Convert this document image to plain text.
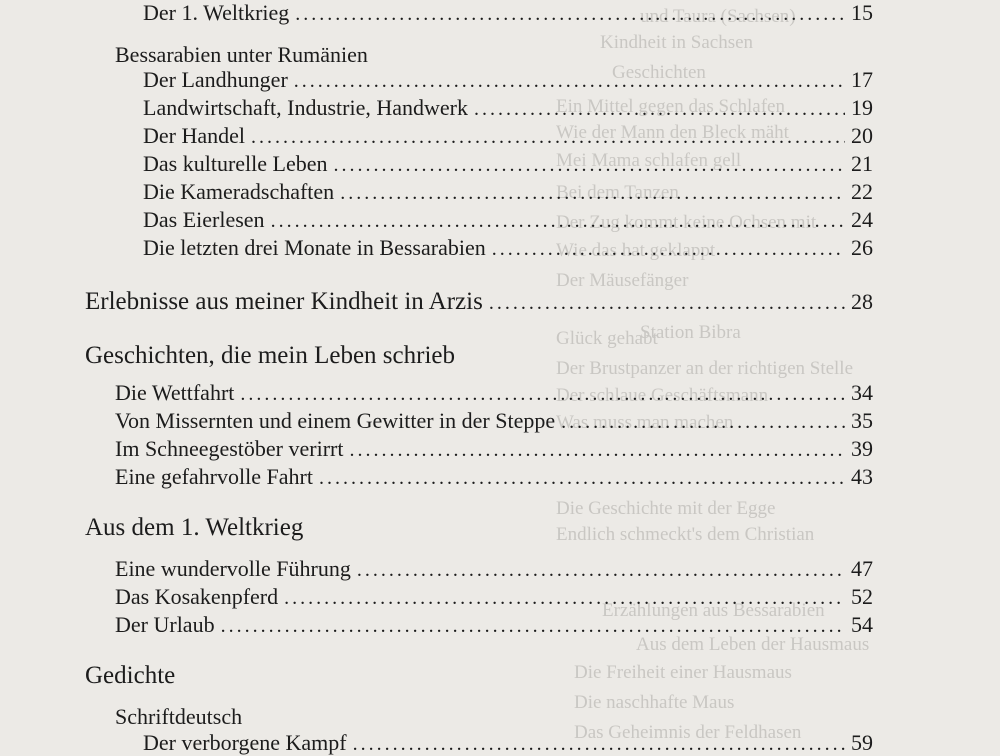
und Taura (Sachsen)
Kindheit in Sachsen
Geschichten
Ein Mittel gegen das Schlafen
Wie der Mann den Bleck mäht
Mei Mama schlafen gell
Bei dem Tanzen
Der Zug kommt keine Ochsen mit
Wie das hat geklappt
Der Mäusefänger
Station Bibra
Glück gehabt
Der Brustpanzer an der richtigen Stelle
Der schlaue Geschäftsmann
Was muss man machen
Die Geschichte mit der Egge
Endlich schmeckt's dem Christian
Erzählungen aus Bessarabien
Aus dem Leben der Hausmaus
Die Freiheit einer Hausmaus
Die naschhafte Maus
Das Geheimnis der Feldhasen
Der 1. Weltkrieg .....	15
Bessarabien unter Rumänien
Der Landhunger .....	17
Landwirtschaft, Industrie, Handwerk .....	19
Der Handel .....	20
Das kulturelle Leben .....	21
Die Kameradschaften .....	22
Das Eierlesen .....	24
Die letzten drei Monate in Bessarabien .....	26
Erlebnisse aus meiner Kindheit in Arzis .....	28
Geschichten, die mein Leben schrieb
Die Wettfahrt .....	34
Von Missernten und einem Gewitter in der Steppe .....	35
Im Schneegestöber verirrt .....	39
Eine gefahrvolle Fahrt .....	43
Aus dem 1. Weltkrieg
Eine wundervolle Führung .....	47
Das Kosakenpferd .....	52
Der Urlaub .....	54
Gedichte
Schriftdeutsch
Der verborgene Kampf .....	59
